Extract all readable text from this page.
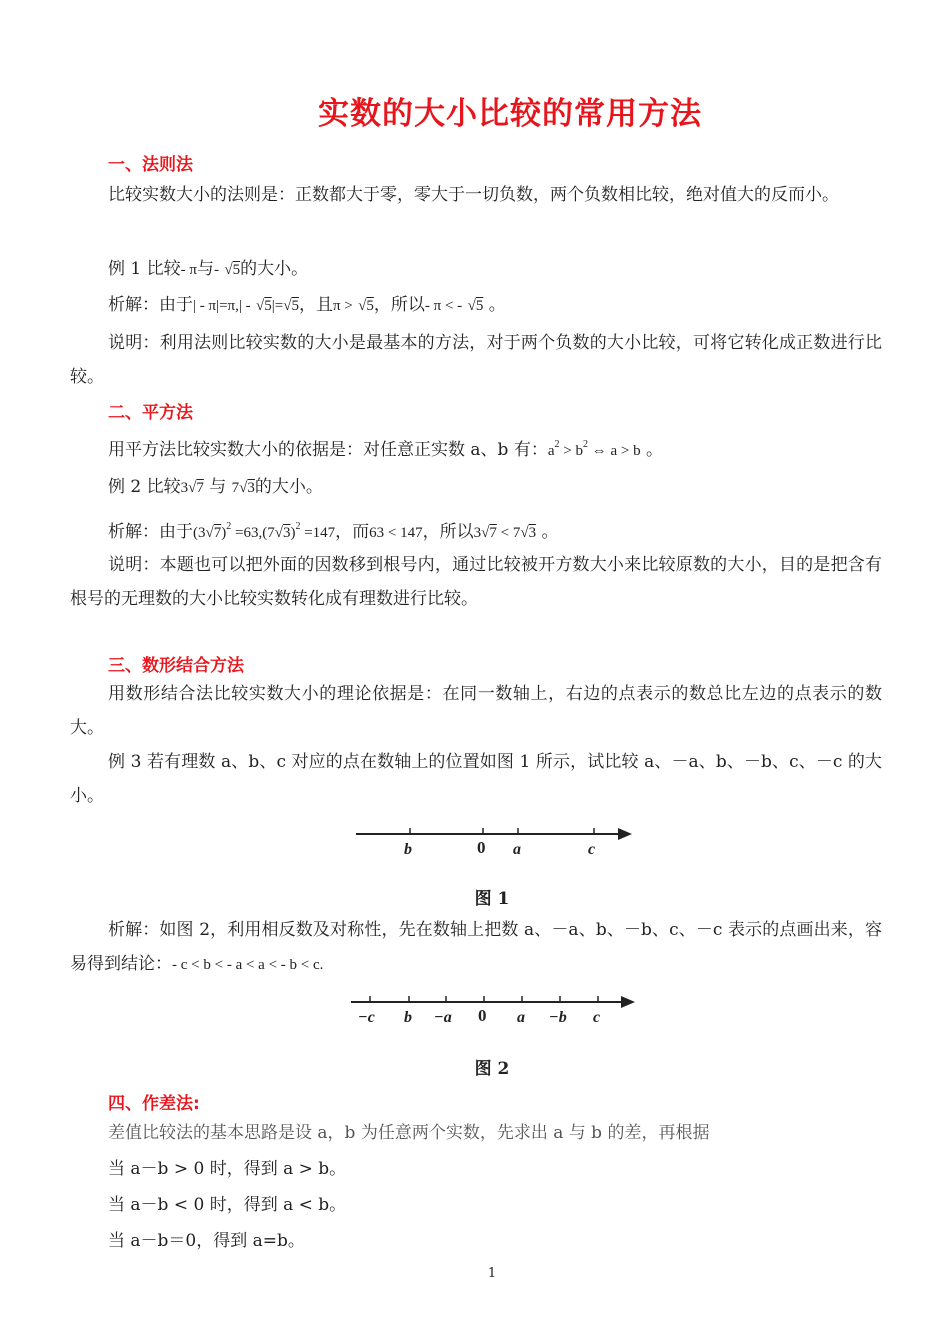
实数的大小比较的常用方法
一、法则法
比较实数大小的法则是：正数都大于零，零大于一切负数，两个负数相比较，绝对值大的反而小。
例 1 比较- π与- √5的大小。
析解：由于| - π|=π,| - √5|=√5，且π > √5，所以- π < - √5 。
说明：利用法则比较实数的大小是最基本的方法，对于两个负数的大小比较，可将它转化成正数进行比较。
二、平方法
用平方法比较实数大小的依据是：对任意正实数 a、b 有：$a^2 > b^2$ ⇔ a > b 。
例 2 比较3√7 与 7√3的大小。
析解：由于$(3√7)^2 =63,(7√3)^2 =147$，而63 < 147，所以3√7 < 7√3 。
说明：本题也可以把外面的因数移到根号内，通过比较被开方数大小来比较原数的大小，目的是把含有根号的无理数的大小比较实数转化成有理数进行比较。
三、数形结合方法
用数形结合法比较实数大小的理论依据是：在同一数轴上，右边的点表示的数总比左边的点表示的数大。
例 3 若有理数 a、b、c 对应的点在数轴上的位置如图 1 所示，试比较 a、－a、b、－b、c、－c 的大小。
b	0 a	c
图 1
析解：如图 2，利用相反数及对称性，先在数轴上把数 a、－a、b、－b、c、－c 表示的点画出来，容易得到结论：- c < b < - a < a < - b < c.
−c b −a 0 a −b c
图 2
四、作差法:
差值比较法的基本思路是设 a，b 为任意两个实数，先求出 a 与 b 的差，再根据
当 a－b > 0 时，得到 a > b。
当 a－b < 0 时，得到 a < b。
当 a－b＝0，得到 a=b。
1
